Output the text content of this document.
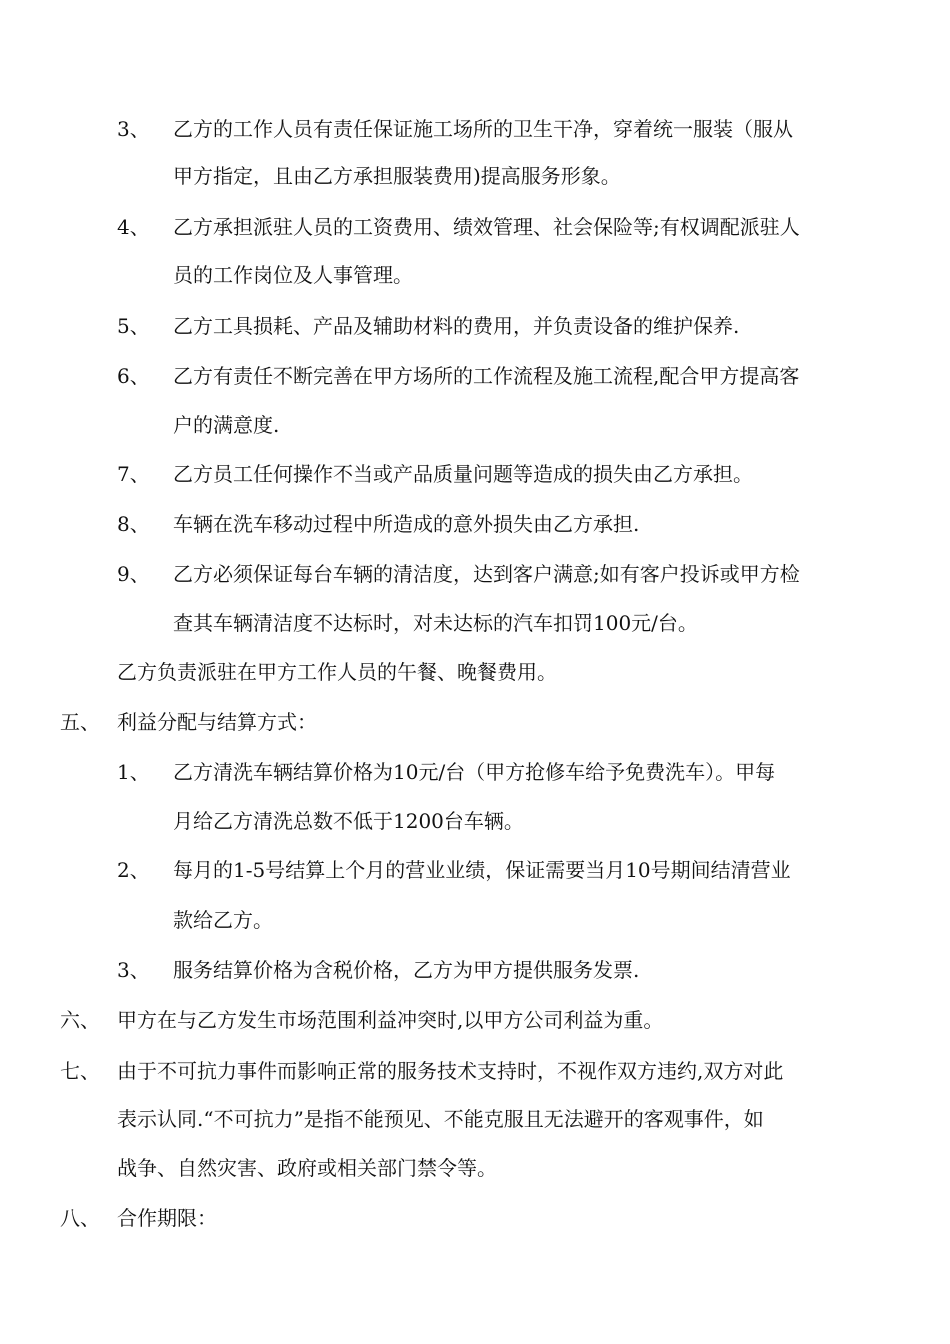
3、 乙方的工作人员有责任保证施工场所的卫生干净，穿着统一服装（服从
甲方指定，且由乙方承担服装费用)提高服务形象。
4、 乙方承担派驻人员的工资费用、绩效管理、社会保险等;有权调配派驻人
员的工作岗位及人事管理。
5、 乙方工具损耗、产品及辅助材料的费用，并负责设备的维护保养.
6、 乙方有责任不断完善在甲方场所的工作流程及施工流程,配合甲方提高客
户的满意度.
7、 乙方员工任何操作不当或产品质量问题等造成的损失由乙方承担。
8、 车辆在洗车移动过程中所造成的意外损失由乙方承担.
9、 乙方必须保证每台车辆的清洁度，达到客户满意;如有客户投诉或甲方检
查其车辆清洁度不达标时，对未达标的汽车扣罚100元/台。
乙方负责派驻在甲方工作人员的午餐、晚餐费用。
五、 利益分配与结算方式：
1、 乙方清洗车辆结算价格为10元/台（甲方抢修车给予免费洗车）。甲每
月给乙方清洗总数不低于1200台车辆。
2、 每月的1-5号结算上个月的营业业绩，保证需要当月10号期间结清营业
款给乙方。
3、 服务结算价格为含税价格，乙方为甲方提供服务发票.
六、 甲方在与乙方发生市场范围利益冲突时,以甲方公司利益为重。
七、 由于不可抗力事件而影响正常的服务技术支持时，不视作双方违约,双方对此
表示认同.“不可抗力”是指不能预见、不能克服且无法避开的客观事件，如
战争、自然灾害、政府或相关部门禁令等。
八、 合作期限：
